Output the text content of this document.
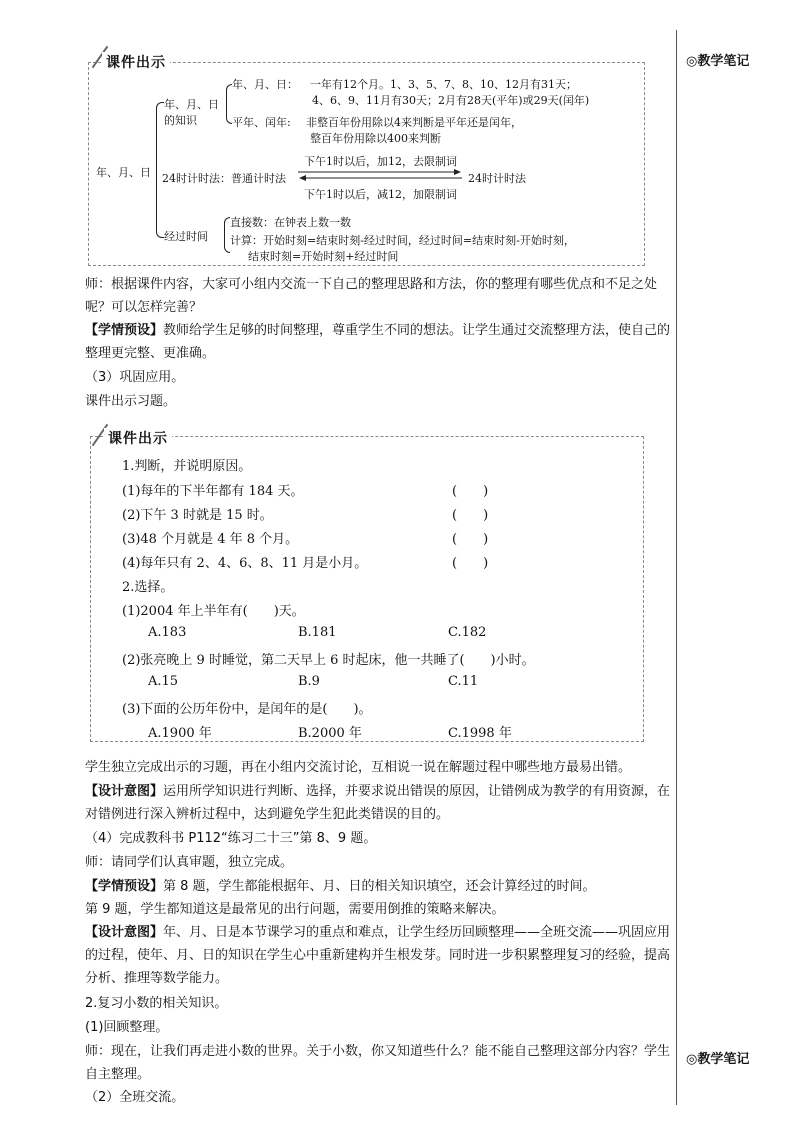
◎教学笔记
◎教学笔记
课件出示
年、月、日
年、月、日
的知识
年、月、日： 一年有12个月。1、3、5、7、8、10、12月有31天；
4、6、9、11月有30天；2月有28天(平年)或29天(闰年)
平年、闰年: 非整百年份用除以4来判断是平年还是闰年，
整百年份用除以400来判断
下午1时以后，加12，去限制词
24时计时法：普通计时法	24时计时法
下午1时以后，减12，加限制词
经过时间
直接数：在钟表上数一数
计算：开始时刻=结束时刻-经过时间，经过时间=结束时刻-开始时刻，
结束时刻=开始时刻+经过时间
师：根据课件内容，大家可小组内交流一下自己的整理思路和方法，你的整理有哪些优点和不足之处呢？可以怎样完善？
【学情预设】教师给学生足够的时间整理，尊重学生不同的想法。让学生通过交流整理方法，使自己的整理更完整、更准确。
（3）巩固应用。
课件出示习题。
课件出示
1.判断，并说明原因。
(1)每年的下半年都有 184 天。	(　　)
(2)下午 3 时就是 15 时。	(　　)
(3)48 个月就是 4 年 8 个月。	(　　)
(4)每年只有 2、4、6、8、11 月是小月。	(　　)
2.选择。
(1)2004 年上半年有(　　)天。
A.183	B.181	C.182
(2)张亮晚上 9 时睡觉，第二天早上 6 时起床，他一共睡了(　　)小时。
A.15	B.9	C.11
(3)下面的公历年份中，是闰年的是(　　)。
A.1900 年	B.2000 年	C.1998 年
学生独立完成出示的习题，再在小组内交流讨论，互相说一说在解题过程中哪些地方最易出错。
【设计意图】运用所学知识进行判断、选择，并要求说出错误的原因，让错例成为教学的有用资源，在对错例进行深入辨析过程中，达到避免学生犯此类错误的目的。
（4）完成教科书 P112“练习二十三”第 8、9 题。
师：请同学们认真审题，独立完成。
【学情预设】第 8 题，学生都能根据年、月、日的相关知识填空，还会计算经过的时间。
第 9 题，学生都知道这是最常见的出行问题，需要用倒推的策略来解决。
【设计意图】年、月、日是本节课学习的重点和难点，让学生经历回顾整理——全班交流——巩固应用的过程，使年、月、日的知识在学生心中重新建构并生根发芽。同时进一步积累整理复习的经验，提高分析、推理等数学能力。
2.复习小数的相关知识。
(1)回顾整理。
师：现在，让我们再走进小数的世界。关于小数，你又知道些什么？能不能自己整理这部分内容？学生自主整理。
（2）全班交流。
